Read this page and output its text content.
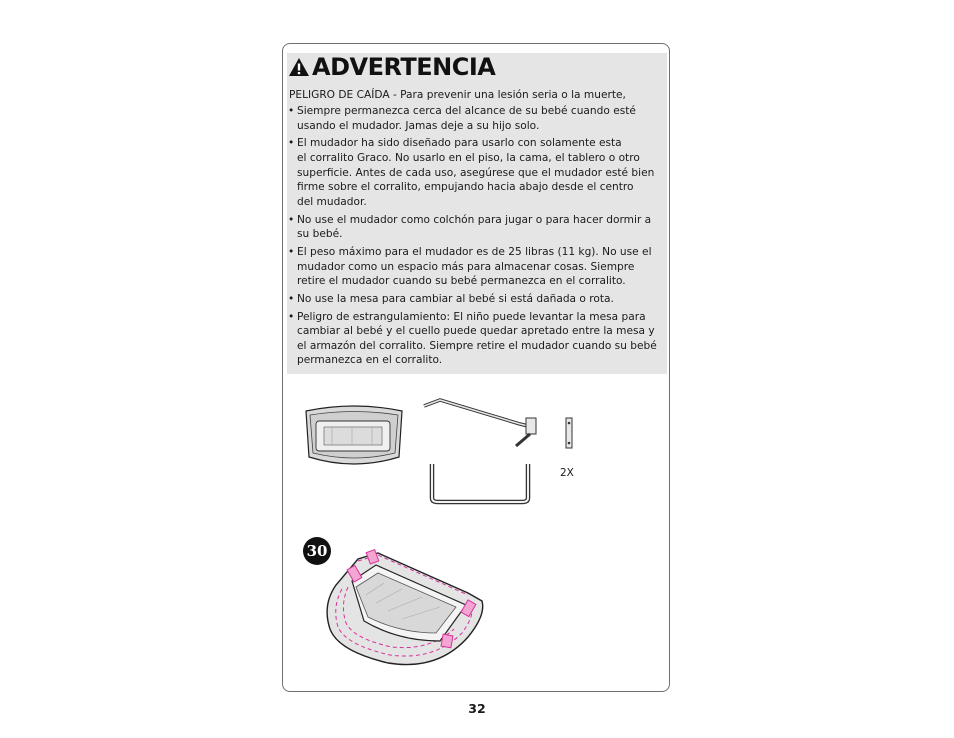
ADVERTENCIA
PELIGRO DE CAÍDA - Para prevenir una lesión seria o la muerte,
• Siempre permanezca cerca del alcance de su bebé cuando esté
usando el mudador. Jamas deje a su hijo solo.
• El mudador ha sido diseñado para usarlo con solamente esta
el corralito Graco. No usarlo en el piso, la cama, el tablero o otro
superficie. Antes de cada uso, asegúrese que el mudador esté bien
firme sobre el corralito, empujando hacia abajo desde el centro
del mudador.
• No use el mudador como colchón para jugar o para hacer dormir a
su bebé.
• El peso máximo para el mudador es de 25 libras (11 kg). No use el
mudador como un espacio más para almacenar cosas. Siempre
retire el mudador cuando su bebé permanezca en el corralito.
• No use la mesa para cambiar al bebé si está dañada o rota.
• Peligro de estrangulamiento: El niño puede levantar la mesa para
cambiar al bebé y el cuello puede quedar apretado entre la mesa y
el armazón del corralito. Siempre retire el mudador cuando su bebé
permanezca en el corralito.
2X
30
32
